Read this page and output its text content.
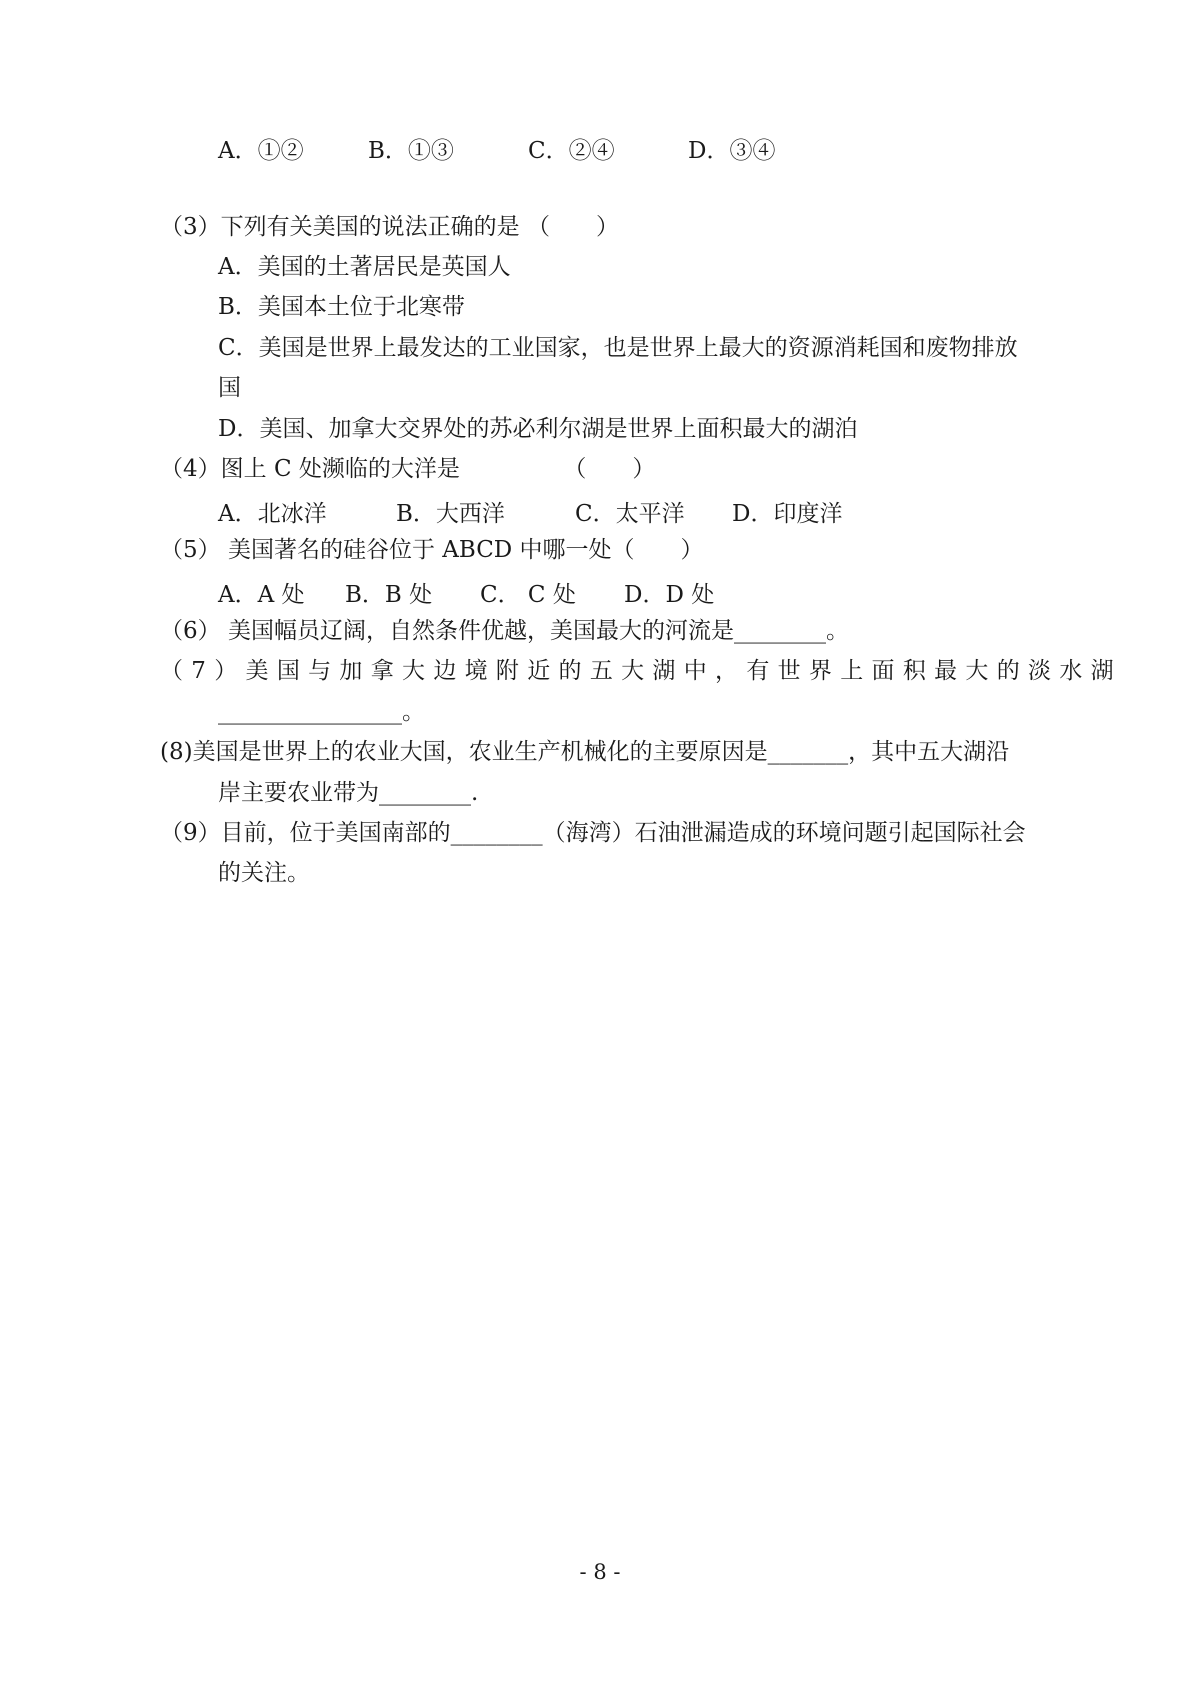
A．①②	B．①③	C．②④	D．③④
（3）下列有关美国的说法正确的是 （　　）
A．美国的土著居民是英国人
B．美国本土位于北寒带
C．美国是世界上最发达的工业国家，也是世界上最大的资源消耗国和废物排放
国
D．美国、加拿大交界处的苏必利尔湖是世界上面积最大的湖泊
（4）图上 C 处濒临的大洋是　　　　　（　　）
A．北冰洋	B．大西洋	C．太平洋 D．印度洋
（5） 美国著名的硅谷位于 ABCD 中哪一处（　　）
A．A 处 B．B 处 C． C 处 D．D 处
（6） 美国幅员辽阔，自然条件优越，美国最大的河流是________。
（7）美国与加拿大边境附近的五大湖中，有世界上面积最大的淡水湖
________________。
(8)美国是世界上的农业大国，农业生产机械化的主要原因是_______，其中五大湖沿
岸主要农业带为________.
（9）目前，位于美国南部的________（海湾）石油泄漏造成的环境问题引起国际社会
的关注。
- 8 -
